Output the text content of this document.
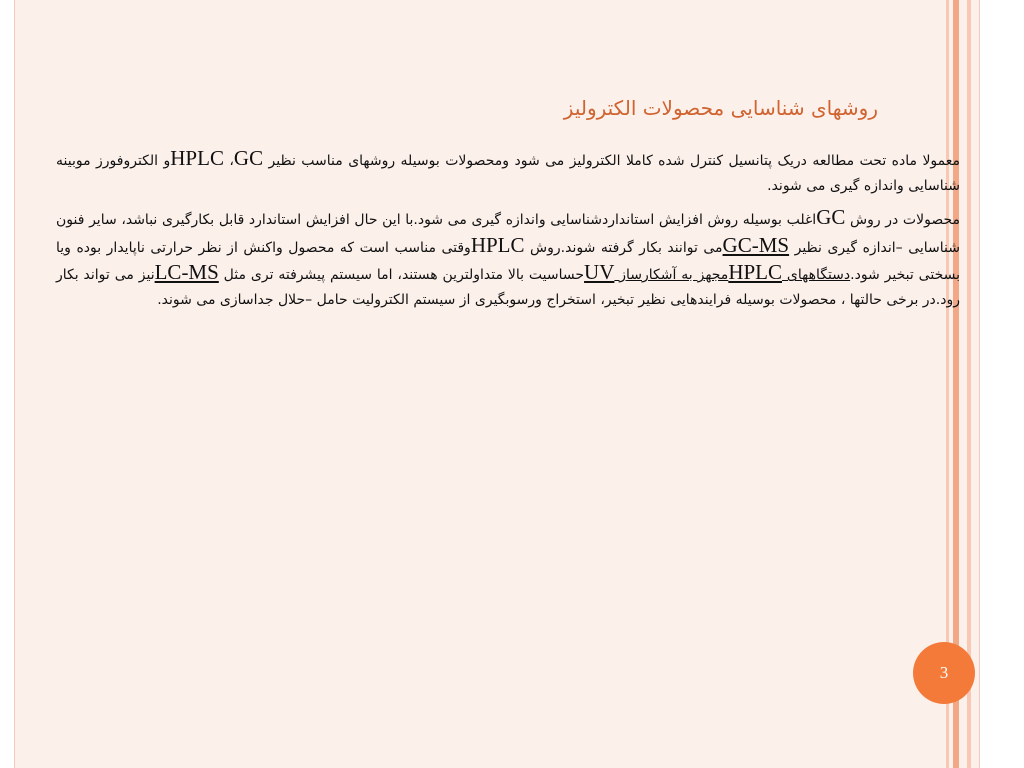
روشهای شناسایی محصولات الکترولیز

معمولا ماده تحت مطالعه دریک پتانسیل کنترل شده کاملا الکترولیز می شود ومحصولات بوسیله روشهای مناسب نظیر GC، HPLCو الکتروفورز موبینه شناسایی واندازه گیری می شوند.

محصولات در روش GCاغلب بوسیله روش افزایش استانداردشناسایی واندازه گیری می شود.با این حال افزایش استاندارد قابل بکارگیری نباشد، سایر فنون شناسایی –اندازه گیری نظیر GC-MSمی توانند بکار گرفته شوند.روش HPLCوقتی مناسب است که محصول واکنش از نظر حرارتی ناپایدار بوده ویا بسختی تبخیر شود.دستگاههای HPLCمجهز به آشکارساز UVحساسیت بالا متداولترین هستند، اما سیستم پیشرفته تری مثل LC-MSنیز می تواند بکار رود.در برخی حالتها ، محصولات بوسیله فرایندهایی نظیر تبخیر، استخراج ورسوبگیری از سیستم الکترولیت حامل –حلال جداسازی می شوند.

3
